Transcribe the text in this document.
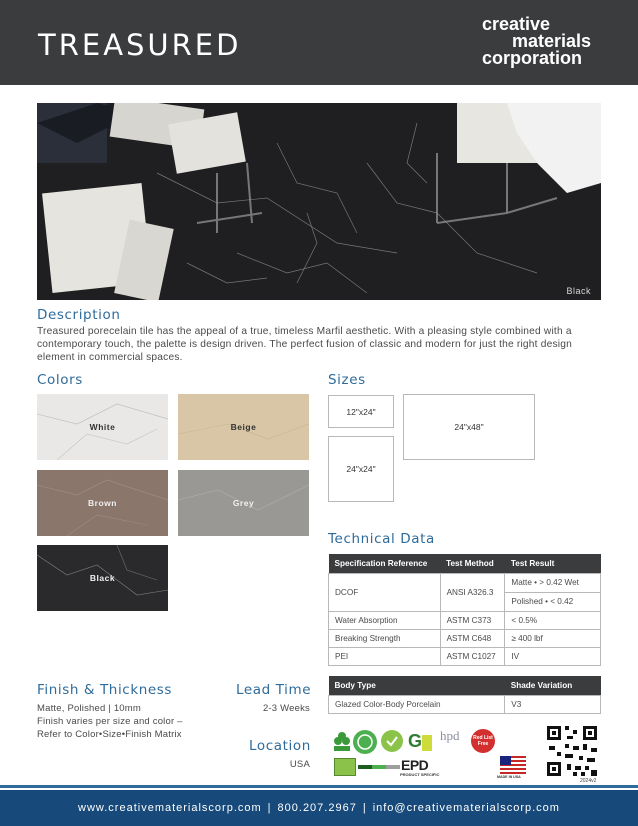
TREASURED
creative
materials
corporation
Black
Description
Treasured porecelain tile has the appeal of a true, timeless Marfil aesthetic. With a pleasing style combined with a contemporary touch, the palette is design driven. The perfect fusion of classic and modern for just the right design element in commercial spaces.
Colors
White	Beige
Brown	Grey
Black
Sizes
12"x24"
24"x48"
24"x24"
Technical Data
Specification Reference	Test Method	Test Result
DCOF	ANSI A326.3	Matte • > 0.42 Wet
		Polished • < 0.42
Water Absorption	ASTM C373	< 0.5%
Breaking Strength	ASTM C648	≥ 400 lbf
PEI	ASTM C1027	IV
Body Type	Shade Variation
Glazed Color-Body Porcelain	V3
Finish & Thickness
Matte, Polished | 10mm
Finish varies per size and color –
Refer to Color•Size•Finish Matrix
Lead Time
2-3 Weeks
Location
USA
G hpd	Red List Free
EPD
PRODUCT SPECIFIC	MADE IN USA
2024v2
www.creativematerialscorp.com | 800.207.2967 | info@creativematerialscorp.com
